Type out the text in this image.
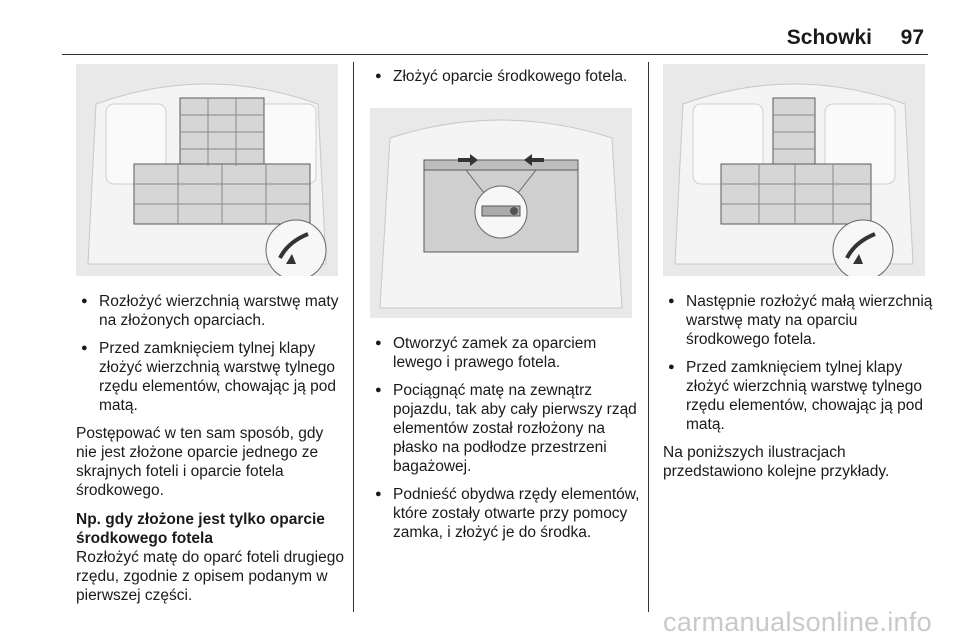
Schowki 97
● Rozłożyć wierzchnią warstwę maty na złożonych oparciach.
● Przed zamknięciem tylnej klapy złożyć wierzchnią warstwę tylnego rzędu elementów, chowając ją pod matą.

Postępować w ten sam sposób, gdy nie jest złożone oparcie jednego ze skrajnych foteli i oparcie fotela środkowego.

Np. gdy złożone jest tylko oparcie środkowego fotela

Rozłożyć matę do oparć foteli drugiego rzędu, zgodnie z opisem podanym w pierwszej części.

● Złożyć oparcie środkowego fotela.
● Otworzyć zamek za oparciem lewego i prawego fotela.
● Pociągnąć matę na zewnątrz pojazdu, tak aby cały pierwszy rząd elementów został rozłożony na płasko na podłodze przestrzeni bagażowej.
● Podnieść obydwa rzędy elementów, które zostały otwarte przy pomocy zamka, i złożyć je do środka.
● Następnie rozłożyć małą wierzchnią warstwę maty na oparciu środkowego fotela.
● Przed zamknięciem tylnej klapy złożyć wierzchnią warstwę tylnego rzędu elementów, chowając ją pod matą.

Na poniższych ilustracjach przedstawiono kolejne przykłady.

carmanualsonline.info
